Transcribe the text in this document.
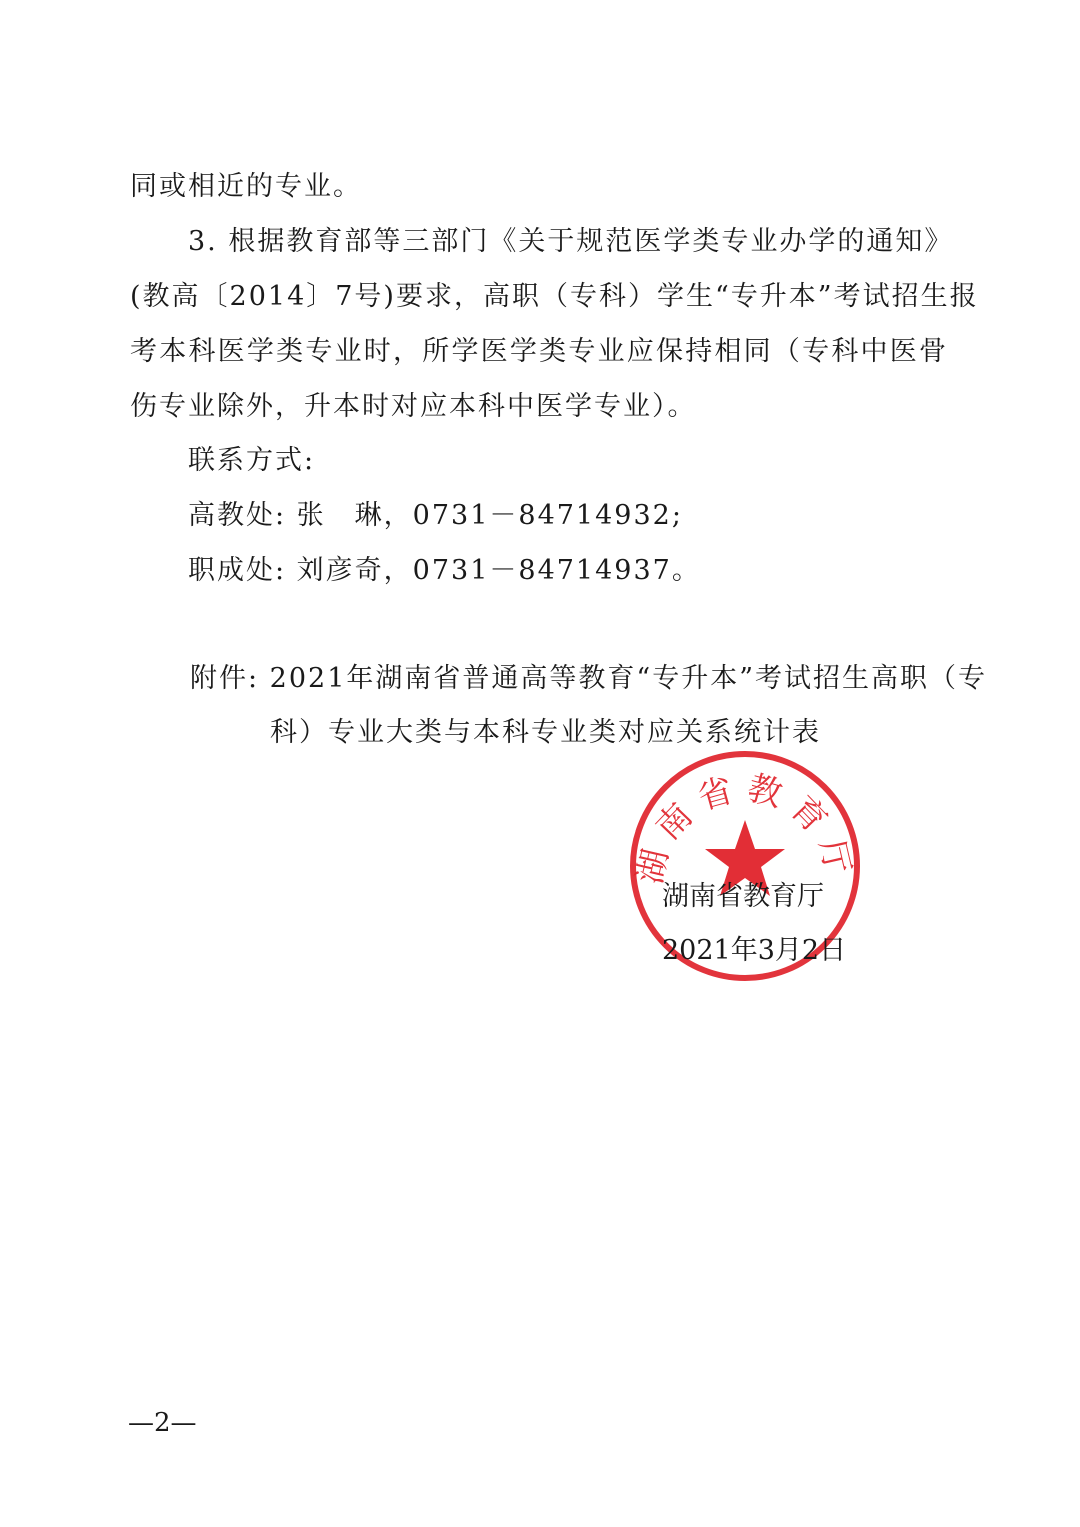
同或相近的专业。
3. 根据教育部等三部门《关于规范医学类专业办学的通知》
(教高〔2014〕7号)要求，高职（专科）学生“专升本”考试招生报
考本科医学类专业时，所学医学类专业应保持相同（专科中医骨
伤专业除外，升本时对应本科中医学专业）。
联系方式:
高教处: 张　琳，0731－84714932;
职成处: 刘彦奇，0731－84714937。
附件: 2021年湖南省普通高等教育“专升本”考试招生高职（专
科）专业大类与本科专业类对应关系统计表
湖南省教育厅
湖南省教育厅
2021年3月2日
—2—
